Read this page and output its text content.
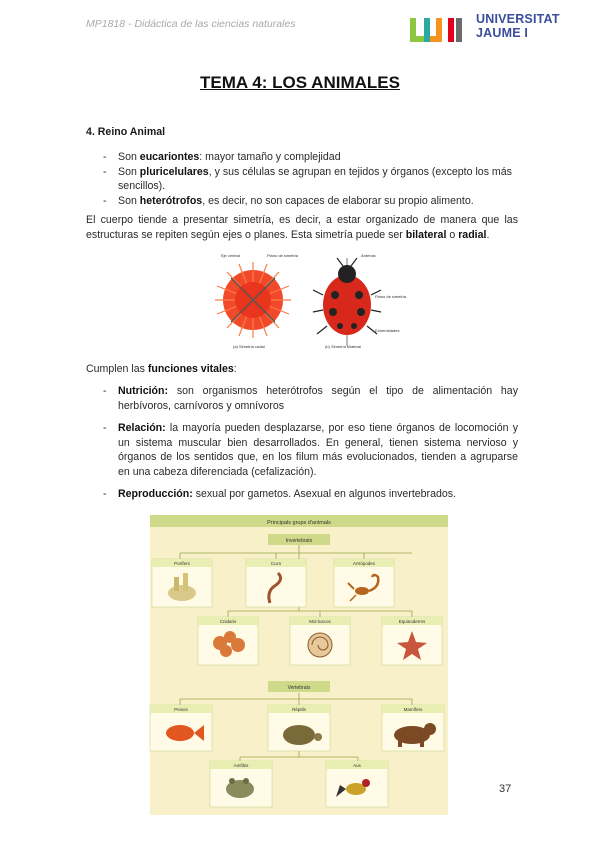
MP1818 - Didáctica de las ciencias naturales	UNIVERSITAT
JAUME I
TEMA 4: LOS ANIMALES
4. Reino Animal
- Son eucariontes: mayor tamaño y complejidad
- Son pluricelulares, y sus células se agrupan en tejidos y órganos (excepto los más sencillos).
- Son heterótrofos, es decir, no son capaces de elaborar su propio alimento.
El cuerpo tiende a presentar simetría, es decir, a estar organizado de manera que las estructuras se repiten según ejes o planes. Esta simetría puede ser bilateral o radial.
Eje central	Plano de simetría
(a) Simetría radial
Antenas
Plano de simetría
Extremidades
(b) Simetría bilateral
Cumplen las funciones vitales:
- Nutrición: son organismos heterótrofos según el tipo de alimentación hay herbívoros, carnívoros y omnívoros
- Relación: la mayoría pueden desplazarse, por eso tiene órganos de locomoción y un sistema muscular bien desarrollados. En general, tienen sistema nervioso y órganos de los sentidos que, en los filum más evolucionados, tienden a agruparse en una cabeza diferenciada (cefalización).
- Reproducción: sexual por gametos. Asexual en algunos invertebrados.
Principals grups d'animals
Invertebrats
Porífers	Cucs	Artròpodes
Cnidaris	Mol·luscos	Equinoderms
Vertebrats
Peixos	Rèptils	Mamífers
Amfibis	Aus
37
